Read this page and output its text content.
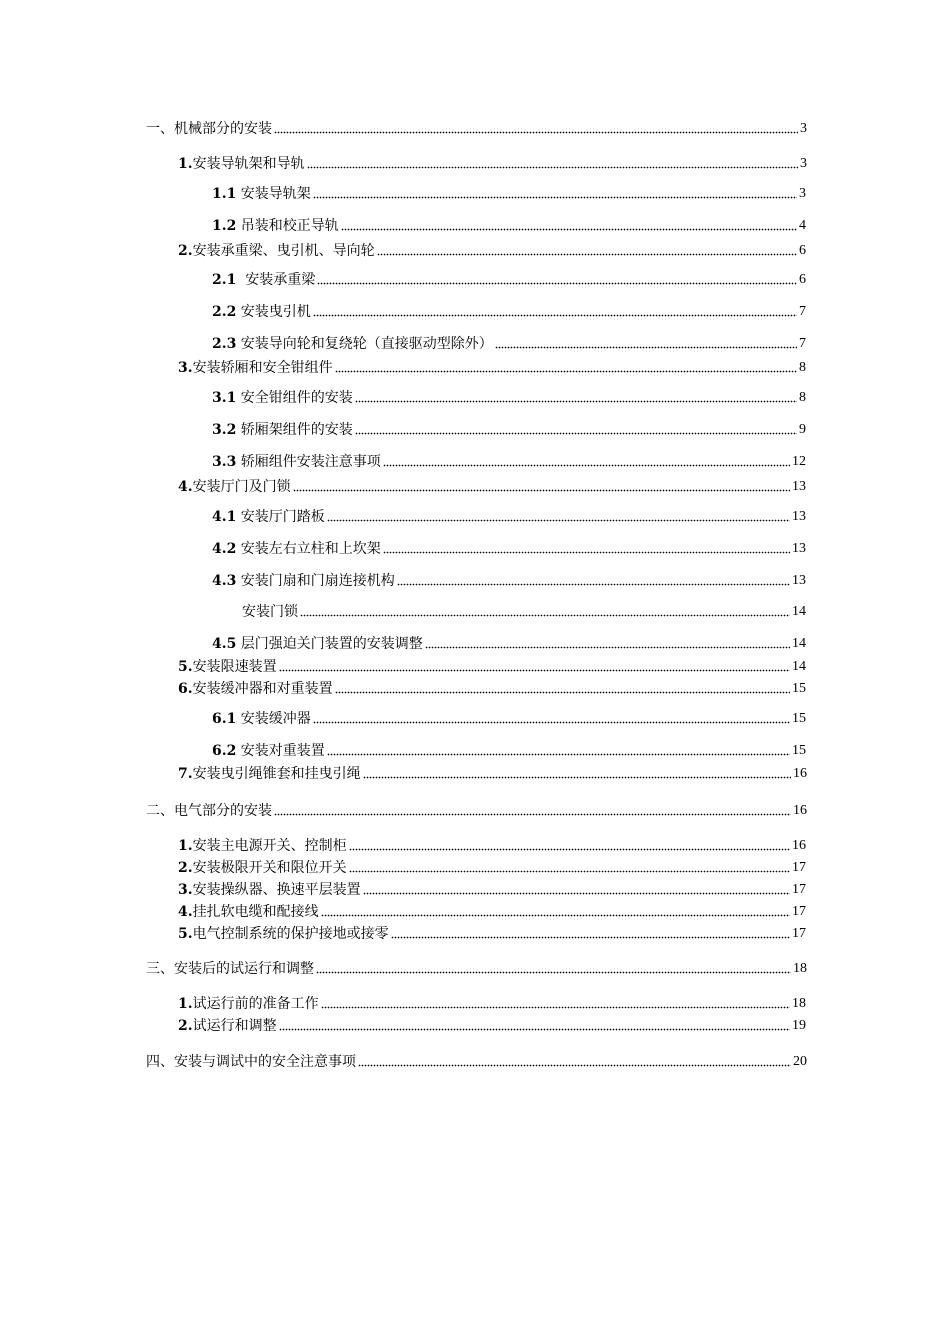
一、机械部分的安装	3
1. 安装导轨架和导轨	3
1.1 安装导轨架	3
1.2 吊装和校正导轨	4
2. 安装承重梁、曳引机、导向轮	6
2.1 安装承重梁	6
2.2 安装曳引机	7
2.3 安装导向轮和复绕轮（直接驱动型除外）	7
3. 安装轿厢和安全钳组件	8
3.1 安全钳组件的安装	8
3.2 轿厢架组件的安装	9
3.3 轿厢组件安装注意事项	12
4. 安装厅门及门锁	13
4.1 安装厅门踏板	13
4.2 安装左右立柱和上坎架	13
4.3 安装门扇和门扇连接机构	13
安装门锁	14
4.5 层门强迫关门装置的安装调整	14
5. 安装限速装置	14
6. 安装缓冲器和对重装置	15
6.1 安装缓冲器	15
6.2 安装对重装置	15
7. 安装曳引绳锥套和挂曳引绳	16
二、电气部分的安装	16
1. 安装主电源开关、控制柜	16
2. 安装极限开关和限位开关	17
3. 安装操纵器、换速平层装置	17
4. 挂扎软电缆和配接线	17
5. 电气控制系统的保护接地或接零	17
三、安装后的试运行和调整	18
1. 试运行前的准备工作	18
2. 试运行和调整	19
四、安装与调试中的安全注意事项	20
